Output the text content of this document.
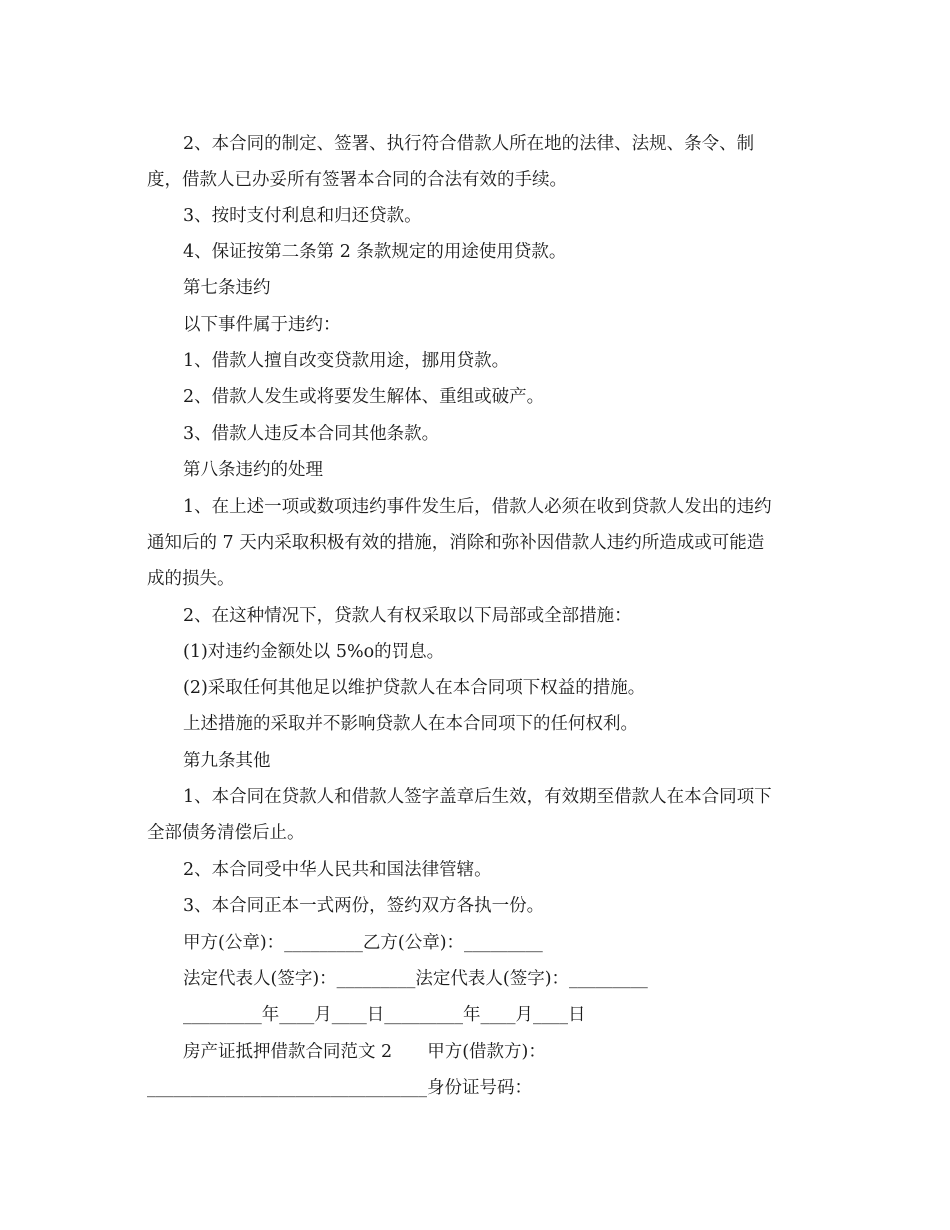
2、本合同的制定、签署、执行符合借款人所在地的法律、法规、条令、制
度，借款人已办妥所有签署本合同的合法有效的手续。
3、按时支付利息和归还贷款。
4、保证按第二条第 2 条款规定的用途使用贷款。
第七条违约
以下事件属于违约：
1、借款人擅自改变贷款用途，挪用贷款。
2、借款人发生或将要发生解体、重组或破产。
3、借款人违反本合同其他条款。
第八条违约的处理
1、在上述一项或数项违约事件发生后，借款人必须在收到贷款人发出的违约
通知后的 7 天内采取积极有效的措施，消除和弥补因借款人违约所造成或可能造
成的损失。
2、在这种情况下，贷款人有权采取以下局部或全部措施：
(1)对违约金额处以 5%o的罚息。
(2)采取任何其他足以维护贷款人在本合同项下权益的措施。
上述措施的采取并不影响贷款人在本合同项下的任何权利。
第九条其他
1、本合同在贷款人和借款人签字盖章后生效，有效期至借款人在本合同项下
全部债务清偿后止。
2、本合同受中华人民共和国法律管辖。
3、本合同正本一式两份，签约双方各执一份。
甲方(公章)：_________乙方(公章)：_________
法定代表人(签字)：_________法定代表人(签字)：_________
_________年____月____日_________年____月____日
房产证抵押借款合同范文 2　　甲方(借款方)：
________________________________身份证号码：
